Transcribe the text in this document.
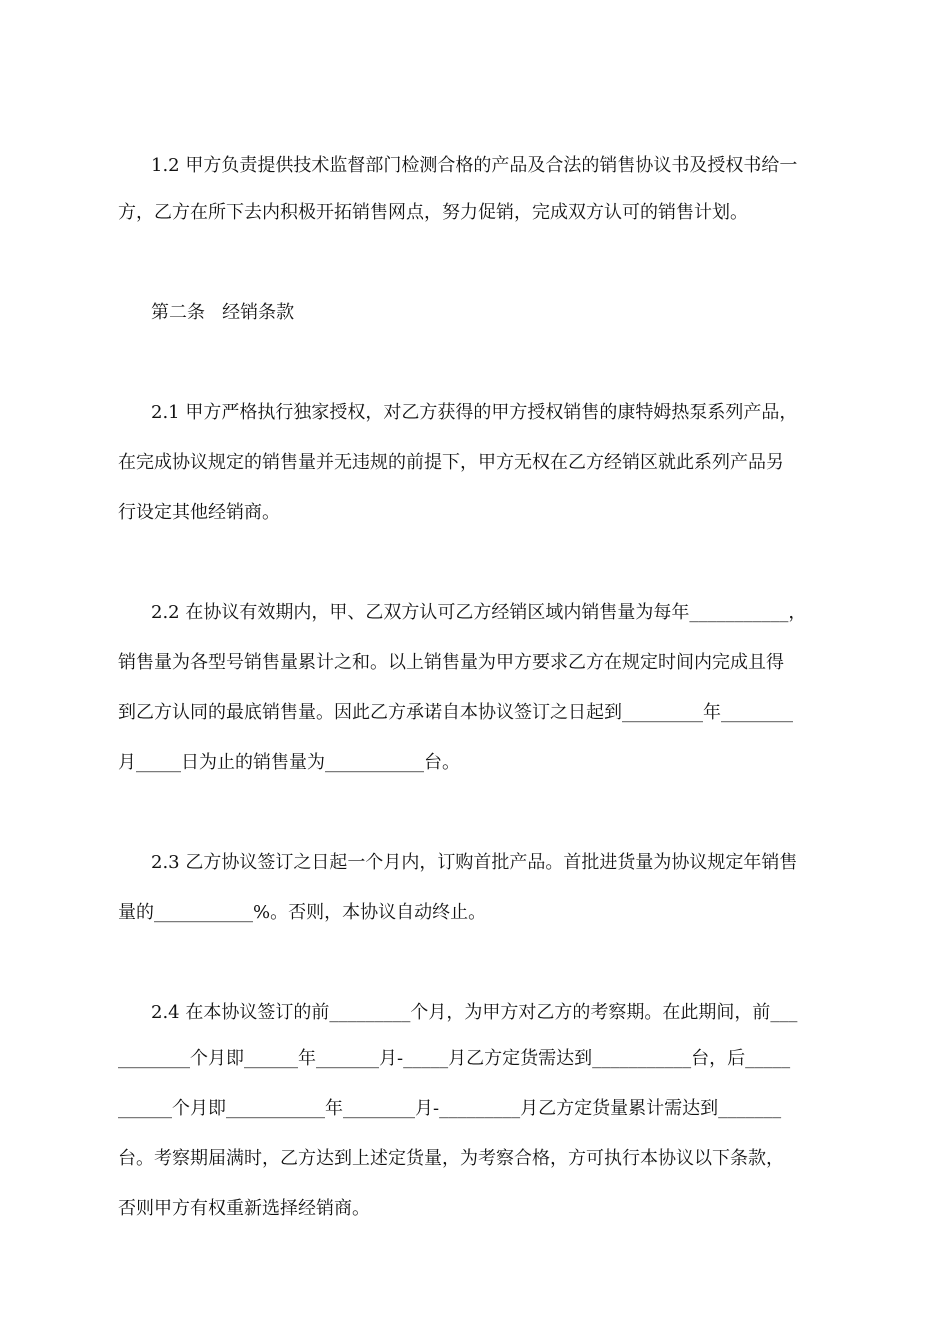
1.2 甲方负责提供技术监督部门检测合格的产品及合法的销售协议书及授权书给一
方，乙方在所下去内积极开拓销售网点，努力促销，完成双方认可的销售计划。
第二条   经销条款
2.1 甲方严格执行独家授权，对乙方获得的甲方授权销售的康特姆热泵系列产品，
在完成协议规定的销售量并无违规的前提下，甲方无权在乙方经销区就此系列产品另
行设定其他经销商。
2.2 在协议有效期内，甲、乙双方认可乙方经销区域内销售量为每年___________，
销售量为各型号销售量累计之和。以上销售量为甲方要求乙方在规定时间内完成且得
到乙方认同的最底销售量。因此乙方承诺自本协议签订之日起到_________年________
月_____日为止的销售量为___________台。
2.3 乙方协议签订之日起一个月内，订购首批产品。首批进货量为协议规定年销售
量的___________%。否则，本协议自动终止。
2.4 在本协议签订的前_________个月，为甲方对乙方的考察期。在此期间，前___
________个月即______年_______月-_____月乙方定货需达到___________台，后_____
______个月即___________年________月-_________月乙方定货量累计需达到_______
台。考察期届满时，乙方达到上述定货量，为考察合格，方可执行本协议以下条款，
否则甲方有权重新选择经销商。
